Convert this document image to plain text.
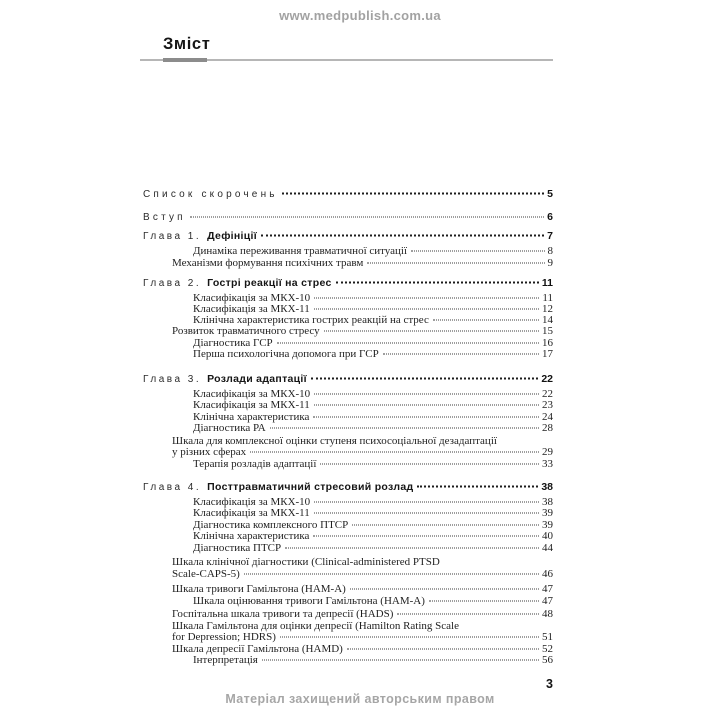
www.medpublish.com.ua
Зміст
Список скорочень	5
Вступ	6
Глава 1. Дефініції	7
Динаміка переживання травматичної ситуації	8
Механізми формування психічних травм	9
Глава 2. Гострі реакції на стрес	11
Класифікація за МКХ-10	11
Класифікація за МКХ-11	12
Клінічна характеристика гострих реакцій на стрес	14
Розвиток травматичного стресу	15
Діагностика ГСР	16
Перша психологічна допомога при ГСР	17
Глава 3. Розлади адаптації	22
Класифікація за МКХ-10	22
Класифікація за МКХ-11	23
Клінічна характеристика	24
Діагностика РА	28
Шкала для комплексної оцінки ступеня психосоціальної дезадаптації
у різних сферах	29
Терапія розладів адаптації	33
Глава 4. Посттравматичний стресовий розлад	38
Класифікація за МКХ-10	38
Класифікація за МКХ-11	39
Діагностика комплексного ПТСР	39
Клінічна характеристика	40
Діагностика ПТСР	44
Шкала клінічної діагностики (Clinical-administered PTSD
Scale-CAPS-5)	46
Шкала тривоги Гамільтона (HAM-A)	47
Шкала оцінювання тривоги Гамільтона (HAM-A)	47
Госпітальна шкала тривоги та депресії (HADS)	48
Шкала Гамільтона для оцінки депресії (Hamilton Rating Scale
for Depression; HDRS)	51
Шкала депресії Гамільтона (HAMD)	52
Інтерпретація	56
3
Матеріал захищений авторським правом
